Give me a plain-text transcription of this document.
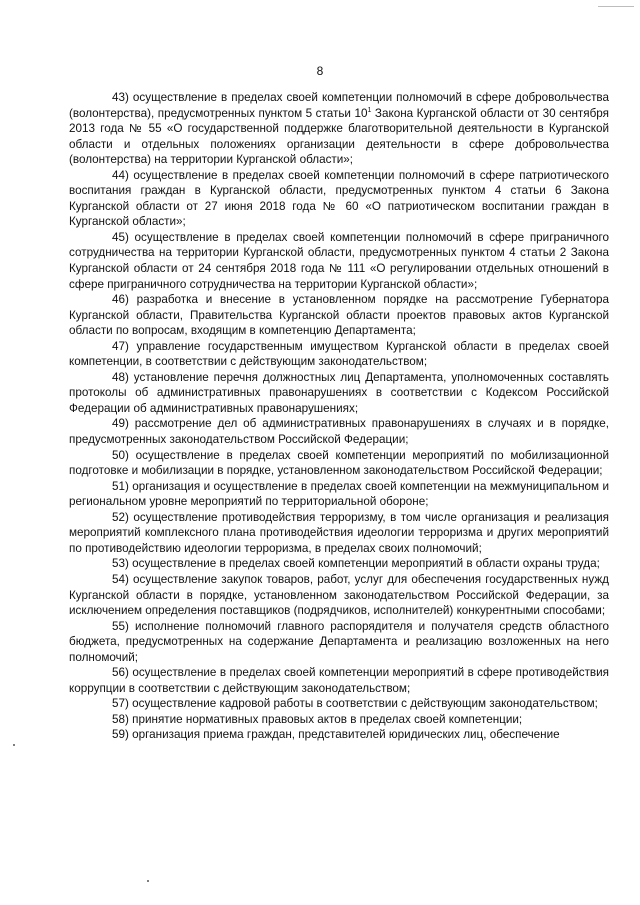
8

43) осуществление в пределах своей компетенции полномочий в сфере добровольчества (волонтерства), предусмотренных пунктом 5 статьи $10^1$ Закона Курганской области от 30 сентября 2013 года № 55 «О государственной поддержке благотворительной деятельности в Курганской области и отдельных положениях организации деятельности в сфере добровольчества (волонтерства) на территории Курганской области»;

44) осуществление в пределах своей компетенции полномочий в сфере патриотического воспитания граждан в Курганской области, предусмотренных пунктом 4 статьи 6 Закона Курганской области от 27 июня 2018 года № 60 «О патриотическом воспитании граждан в Курганской области»;

45) осуществление в пределах своей компетенции полномочий в сфере приграничного сотрудничества на территории Курганской области, предусмотренных пунктом 4 статьи 2 Закона Курганской области от 24 сентября 2018 года № 111 «О регулировании отдельных отношений в сфере приграничного сотрудничества на территории Курганской области»;

46) разработка и внесение в установленном порядке на рассмотрение Губернатора Курганской области, Правительства Курганской области проектов правовых актов Курганской области по вопросам, входящим в компетенцию Департамента;

47) управление государственным имуществом Курганской области в пределах своей компетенции, в соответствии с действующим законодательством;

48) установление перечня должностных лиц Департамента, уполномоченных составлять протоколы об административных правонарушениях в соответствии с Кодексом Российской Федерации об административных правонарушениях;

49) рассмотрение дел об административных правонарушениях в случаях и в порядке, предусмотренных законодательством Российской Федерации;

50) осуществление в пределах своей компетенции мероприятий по мобилизационной подготовке и мобилизации в порядке, установленном законодательством Российской Федерации;

51) организация и осуществление в пределах своей компетенции на межмуниципальном и региональном уровне мероприятий по территориальной обороне;

52) осуществление противодействия терроризму, в том числе организация и реализация мероприятий комплексного плана противодействия идеологии терроризма и других мероприятий по противодействию идеологии терроризма, в пределах своих полномочий;

53) осуществление в пределах своей компетенции мероприятий в области охраны труда;

54) осуществление закупок товаров, работ, услуг для обеспечения государственных нужд Курганской области в порядке, установленном законодательством Российской Федерации, за исключением определения поставщиков (подрядчиков, исполнителей) конкурентными способами;

55) исполнение полномочий главного распорядителя и получателя средств областного бюджета, предусмотренных на содержание Департамента и реализацию возложенных на него полномочий;

56) осуществление в пределах своей компетенции мероприятий в сфере противодействия коррупции в соответствии с действующим законодательством;

57) осуществление кадровой работы в соответствии с действующим законодательством;

58) принятие нормативных правовых актов в пределах своей компетенции;

59) организация приема граждан, представителей юридических лиц, обеспечение
